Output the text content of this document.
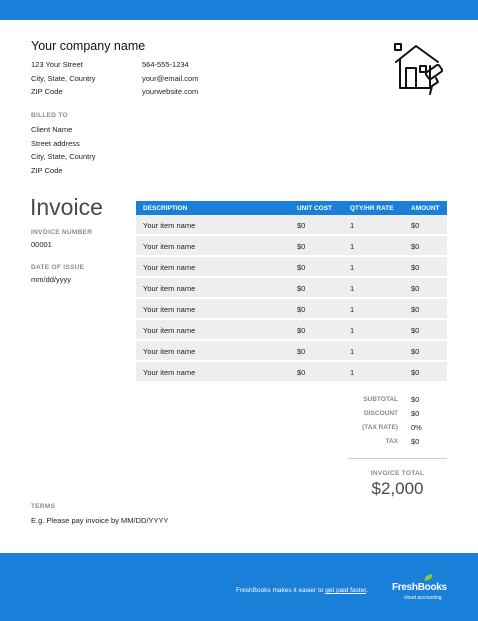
Your company name
123 Your Street
City, State, Country
ZIP Code
564-555-1234
your@email.com
yourwebsite.com
BILLED TO
Client Name
Street address
City, State, Country
ZIP Code
Invoice
INVOICE NUMBER
00001
DATE OF ISSUE
mm/dd/yyyy
DESCRIPTION	UNIT COST	QTY/HR RATE	AMOUNT
Your item name	$0	1	$0
Your item name	$0	1	$0
Your item name	$0	1	$0
Your item name	$0	1	$0
Your item name	$0	1	$0
Your item name	$0	1	$0
Your item name	$0	1	$0
Your item name	$0	1	$0
SUBTOTAL $0
DISCOUNT $0
(TAX RATE) 0%
TAX $0
INVOICE TOTAL
$2,000
TERMS
E.g. Please pay invoice by MM/DD/YYYY
FreshBooks makes it easier to get paid faster. FreshBooks
cloud accounting
